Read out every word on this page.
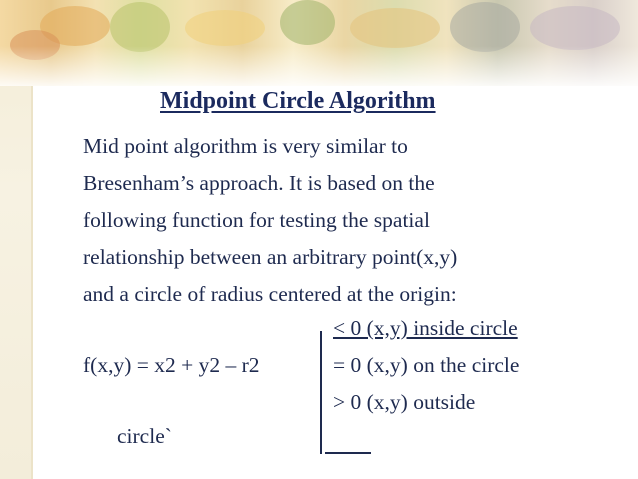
Midpoint Circle Algorithm
Mid point algorithm is very similar to
Bresenham’s approach. It is based on the
following function for testing the spatial
relationship between an arbitrary point(x,y)
and a circle of radius centered at the origin:
< 0 (x,y) inside circle
f(x,y) = x2 + y2 – r2	= 0 (x,y) on the circle
> 0 (x,y) outside
circle`
